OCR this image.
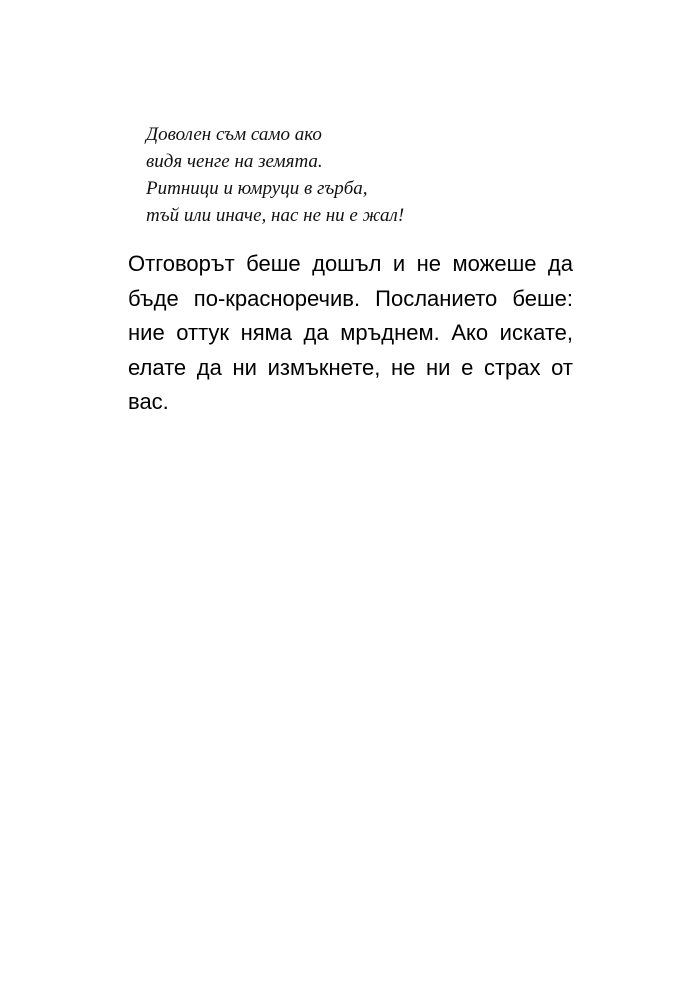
Доволен съм само ако
видя ченге на земята.
Ритници и юмруци в гърба,
тъй или иначе, нас не ни е жал!
Отговорът беше дошъл и не можеше да
бъде по-красноречив. Посланието беше:
ние оттук няма да мръднем. Ако искате,
елате да ни измъкнете, не ни е страх от
вас.
